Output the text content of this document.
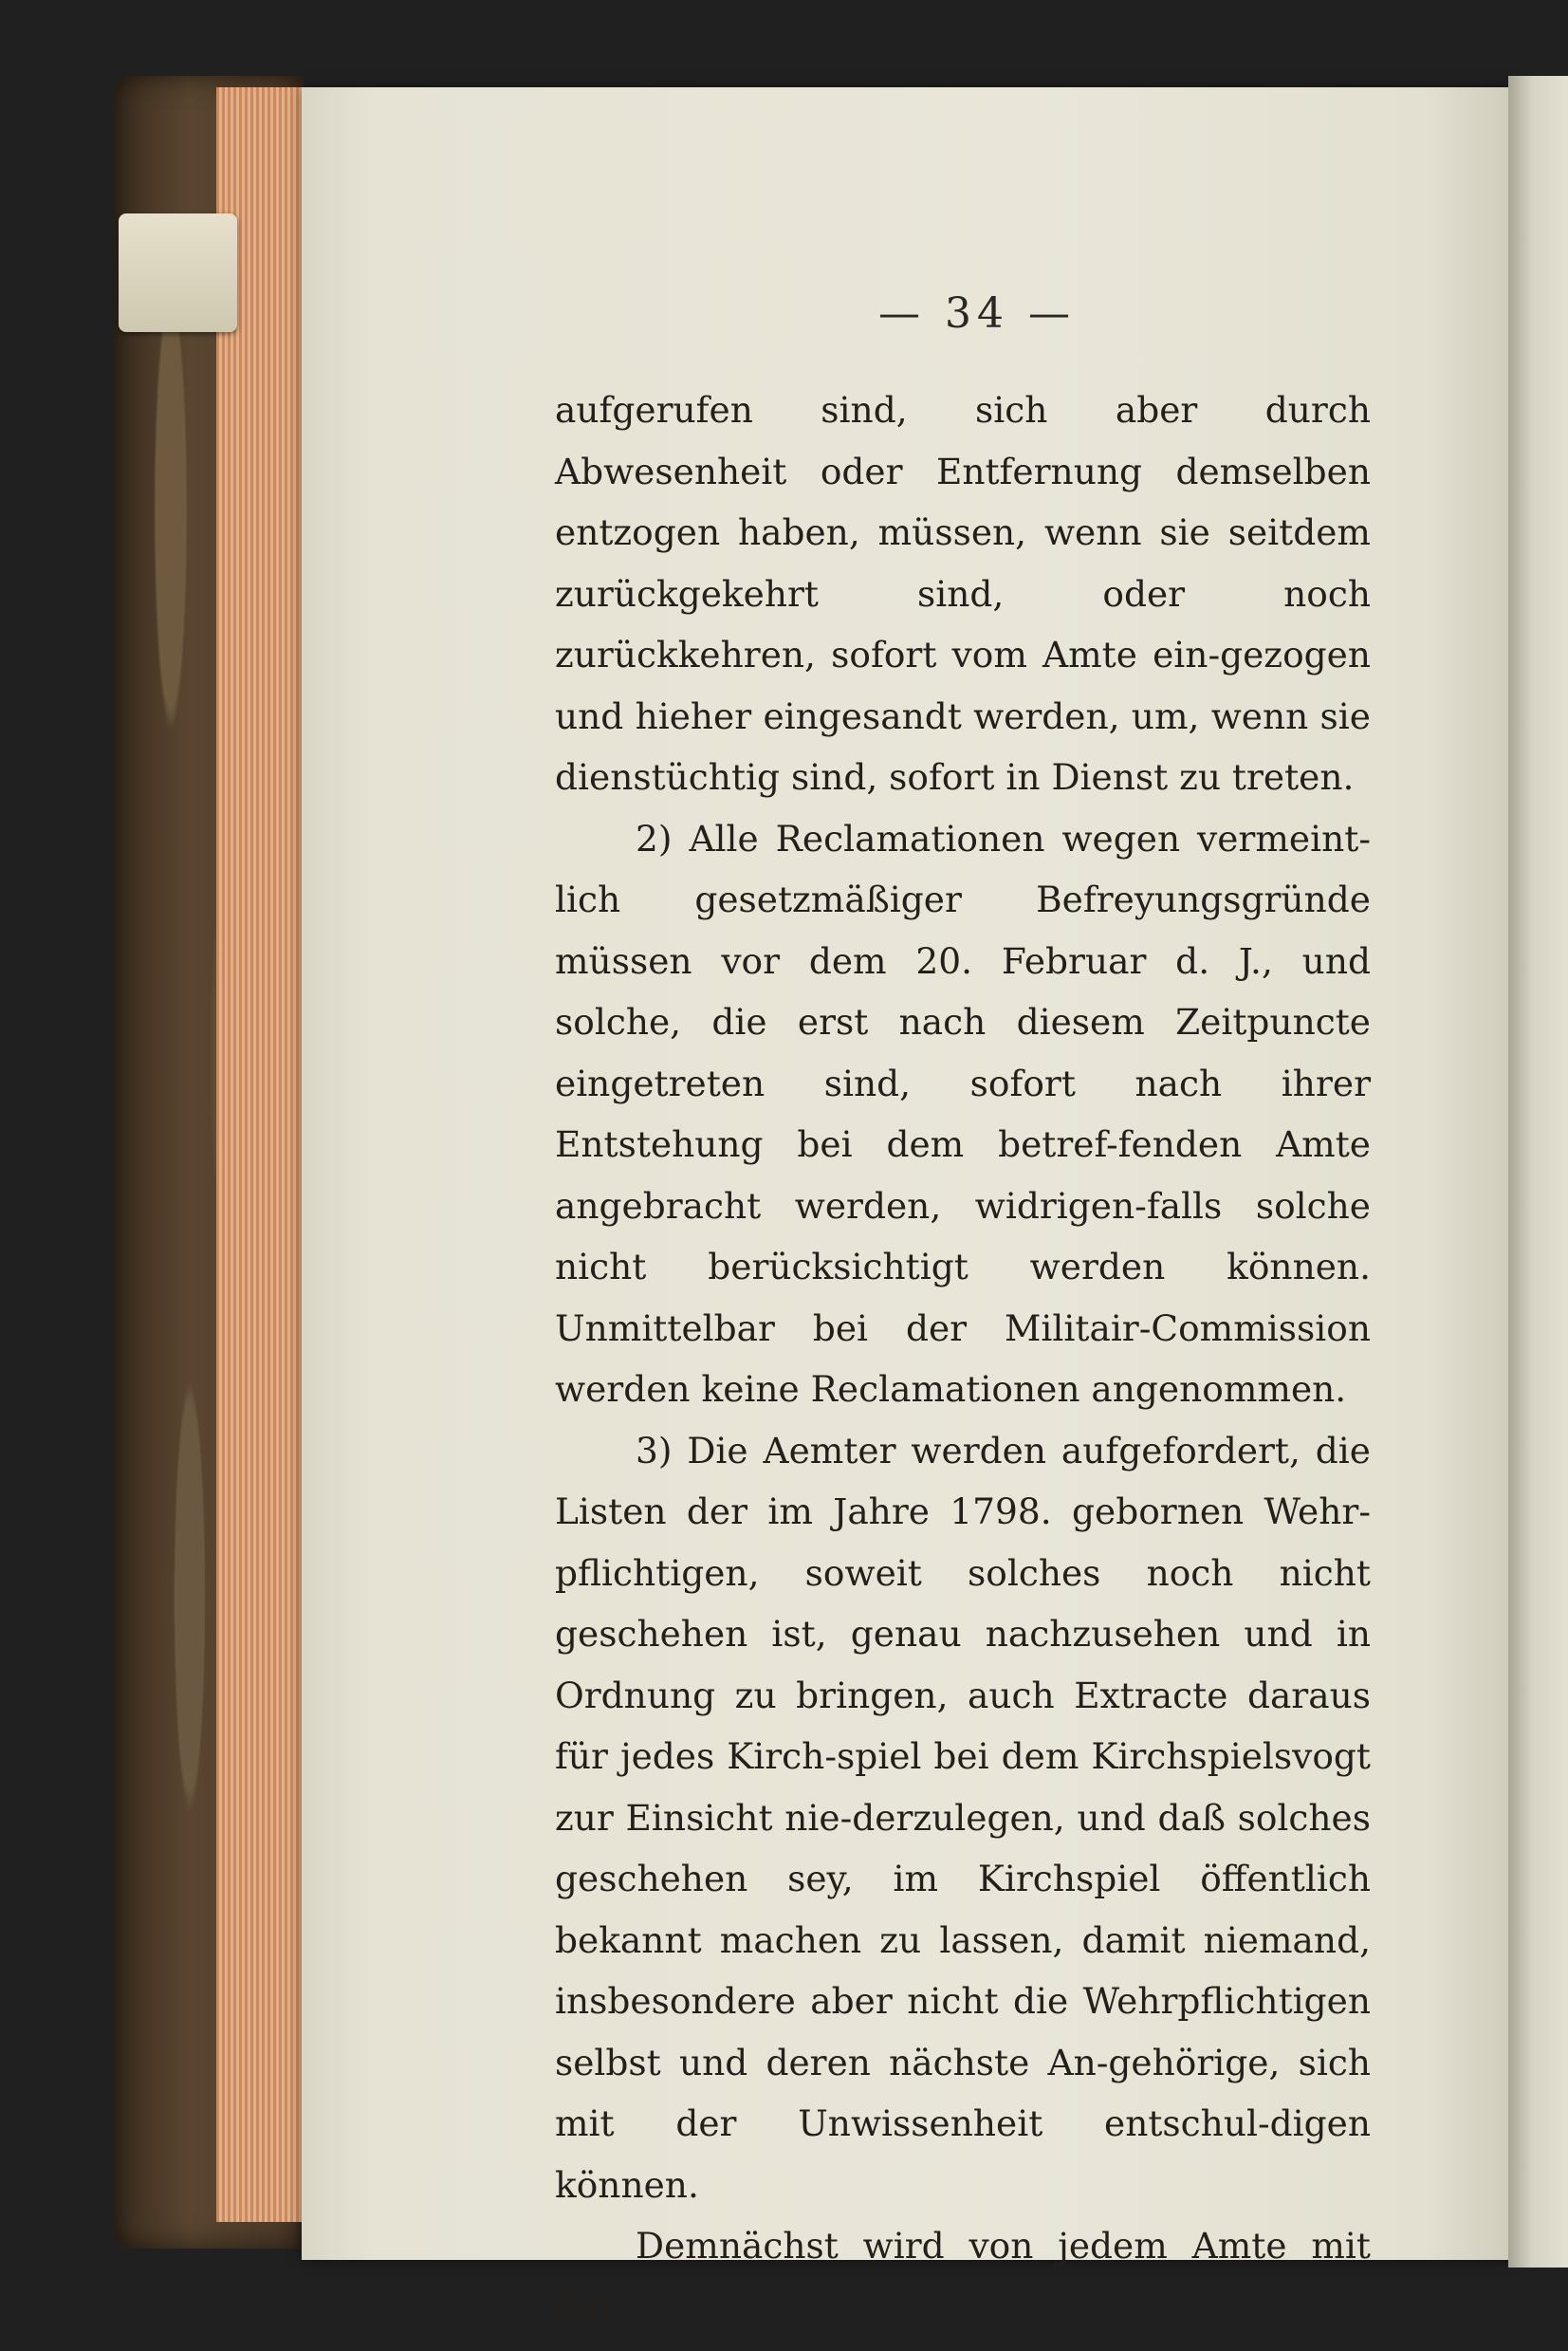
— 34 —

aufgerufen sind, sich aber durch Abwesenheit oder Entfernung demselben entzogen haben, müssen, wenn sie seitdem zurückgekehrt sind, oder noch zurückkehren, sofort vom Amte ein-gezogen und hieher eingesandt werden, um, wenn sie dienstüchtig sind, sofort in Dienst zu treten.

2) Alle Reclamationen wegen vermeint-lich gesetzmäßiger Befreyungsgründe müssen vor dem 20. Februar d. J., und solche, die erst nach diesem Zeitpuncte eingetreten sind, sofort nach ihrer Entstehung bei dem betref-fenden Amte angebracht werden, widrigen-falls solche nicht berücksichtigt werden können. Unmittelbar bei der Militair-Commission werden keine Reclamationen angenommen.

3) Die Aemter werden aufgefordert, die Listen der im Jahre 1798. gebornen Wehr-pflichtigen, soweit solches noch nicht geschehen ist, genau nachzusehen und in Ordnung zu bringen, auch Extracte daraus für jedes Kirch-spiel bei dem Kirchspielsvogt zur Einsicht nie-derzulegen, und daß solches geschehen sey, im Kirchspiel öffentlich bekannt machen zu lassen, damit niemand, insbesondere aber nicht die Wehrpflichtigen selbst und deren nächste An-gehörige, sich mit der Unwissenheit entschul-digen können.

Demnächst wird von jedem Amte mit der
